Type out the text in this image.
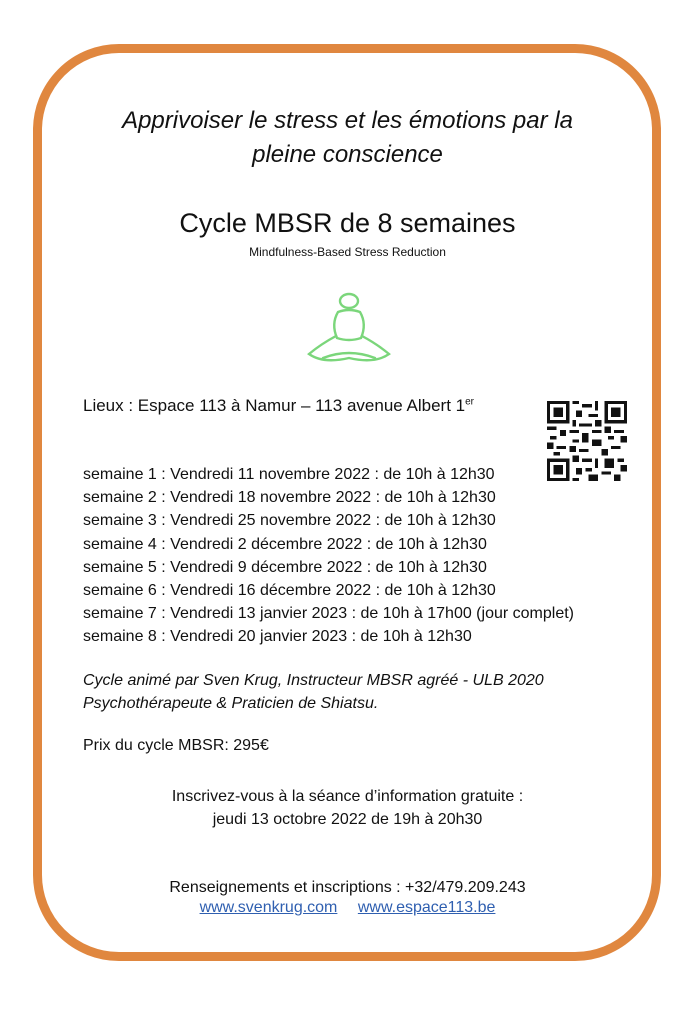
Apprivoiser le stress et les émotions par la
pleine conscience
Cycle MBSR de 8 semaines
Mindfulness-Based Stress Reduction
Lieux : Espace 113 à Namur – 113 avenue Albert 1er
semaine 1 : Vendredi 11 novembre 2022 : de 10h à 12h30
semaine 2 : Vendredi 18 novembre 2022 : de 10h à 12h30
semaine 3 : Vendredi 25 novembre 2022 : de 10h à 12h30
semaine 4 : Vendredi 2 décembre 2022 : de 10h à 12h30
semaine 5 : Vendredi 9 décembre 2022 : de 10h à 12h30
semaine 6 : Vendredi 16 décembre 2022 : de 10h à 12h30
semaine 7 : Vendredi 13 janvier 2023 : de 10h à 17h00 (jour complet)
semaine 8 : Vendredi 20 janvier 2023 : de 10h à 12h30
Cycle animé par Sven Krug, Instructeur MBSR agréé - ULB 2020
Psychothérapeute & Praticien de Shiatsu.
Prix du cycle MBSR: 295€
Inscrivez-vous à la séance d’information gratuite :
jeudi 13 octobre 2022 de 19h à 20h30
Renseignements et inscriptions : +32/479.209.243
www.svenkrug.com www.espace113.be
